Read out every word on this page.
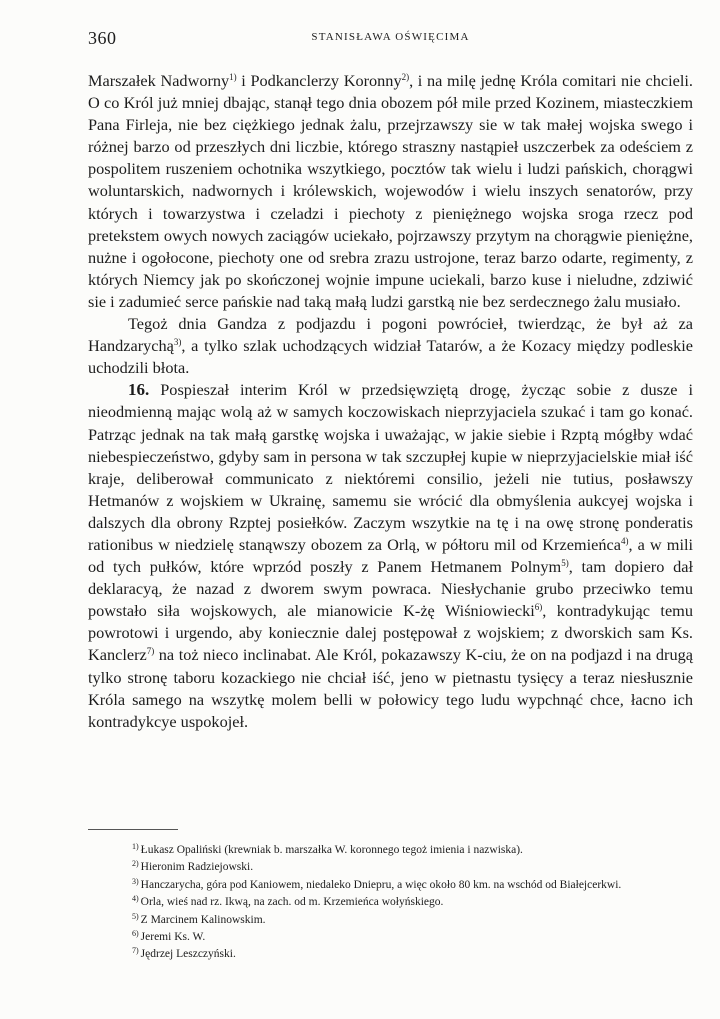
360	STANISŁAWA OŚWIĘCIMA

Marszałek Nadworny$^{1)}$ i Podkanclerzy Koronny$^{2)}$, i na milę jednę Króla comitari nie chcieli. O co Król już mniej dbając, stanął tego dnia obozem pół mile przed Kozinem, miasteczkiem Pana Firleja, nie bez ciężkiego jednak żalu, przejrzawszy sie w tak małej wojska swego i różnej barzo od przeszłych dni liczbie, którego straszny nastąpieł uszczerbek za odeściem z pospolitem ruszeniem ochotnika wszytkiego, pocztów tak wielu i ludzi pańskich, chorągwi woluntarskich, nadwornych i królewskich, wojewodów i wielu inszych senatorów, przy których i towarzystwa i czeladzi i piechoty z pieniężnego wojska sroga rzecz pod pretekstem owych nowych zaciągów uciekało, pojrzawszy przytym na chorągwie pieniężne, nużne i ogołocone, piechoty one od srebra zrazu ustrojone, teraz barzo odarte, regimenty, z których Niemcy jak po skończonej wojnie impune uciekali, barzo kuse i nieludne, zdziwić sie i zadumieć serce pańskie nad taką małą ludzi garstką nie bez serdecznego żalu musiało.

Tegoż dnia Gandza z podjazdu i pogoni powrócieł, twierdząc, że był aż za Handzarychą$^{3)}$, a tylko szlak uchodzących widział Tatarów, a że Kozacy między podleskie uchodzili błota.

16. Pospieszał interim Król w przedsięwziętą drogę, życząc sobie z dusze i nieodmienną mając wolą aż w samych koczowiskach nieprzyjaciela szukać i tam go konać. Patrząc jednak na tak małą garstkę wojska i uważając, w jakie siebie i Rzptą mógłby wdać niebespieczeństwo, gdyby sam in persona w tak szczupłej kupie w nieprzyjacielskie miał iść kraje, deliberował communicato z niektóremi consilio, jeżeli nie tutius, posławszy Hetmanów z wojskiem w Ukrainę, samemu sie wrócić dla obmyślenia aukcyej wojska i dalszych dla obrony Rzptej posiełków. Zaczym wszytkie na tę i na owę stronę ponderatis rationibus w niedzielę stanąwszy obozem za Orlą, w półtoru mil od Krzemieńca$^{4)}$, a w mili od tych pułków, które wprzód poszły z Panem Hetmanem Polnym$^{5)}$, tam dopiero dał deklaracyą, że nazad z dworem swym powraca. Niesłychanie grubo przeciwko temu powstało siła wojskowych, ale mianowicie K-żę Wiśniowiecki$^{6)}$, kontradykując temu powrotowi i urgendo, aby koniecznie dalej postępował z wojskiem; z dworskich sam Ks. Kanclerz$^{7)}$ na toż nieco inclinabat. Ale Król, pokazawszy K-ciu, że on na podjazd i na drugą tylko stronę taboru kozackiego nie chciał iść, jeno w pietnastu tysięcy a teraz niesłusznie Króla samego na wszytkę molem belli w połowicy tego ludu wypchnąć chce, łacno ich kontradykcye uspokojeł.

$^{1)}$ Łukasz Opaliński (krewniak b. marszałka W. koronnego tegoż imienia i nazwiska).
$^{2)}$ Hieronim Radziejowski.
$^{3)}$ Hanczarycha, góra pod Kaniowem, niedaleko Dniepru, a więc około 80 km. na wschód od Białejcerkwi.
$^{4)}$ Orla, wieś nad rz. Ikwą, na zach. od m. Krzemieńca wołyńskiego.
$^{5)}$ Z Marcinem Kalinowskim.
$^{6)}$ Jeremi Ks. W.
$^{7)}$ Jędrzej Leszczyński.
